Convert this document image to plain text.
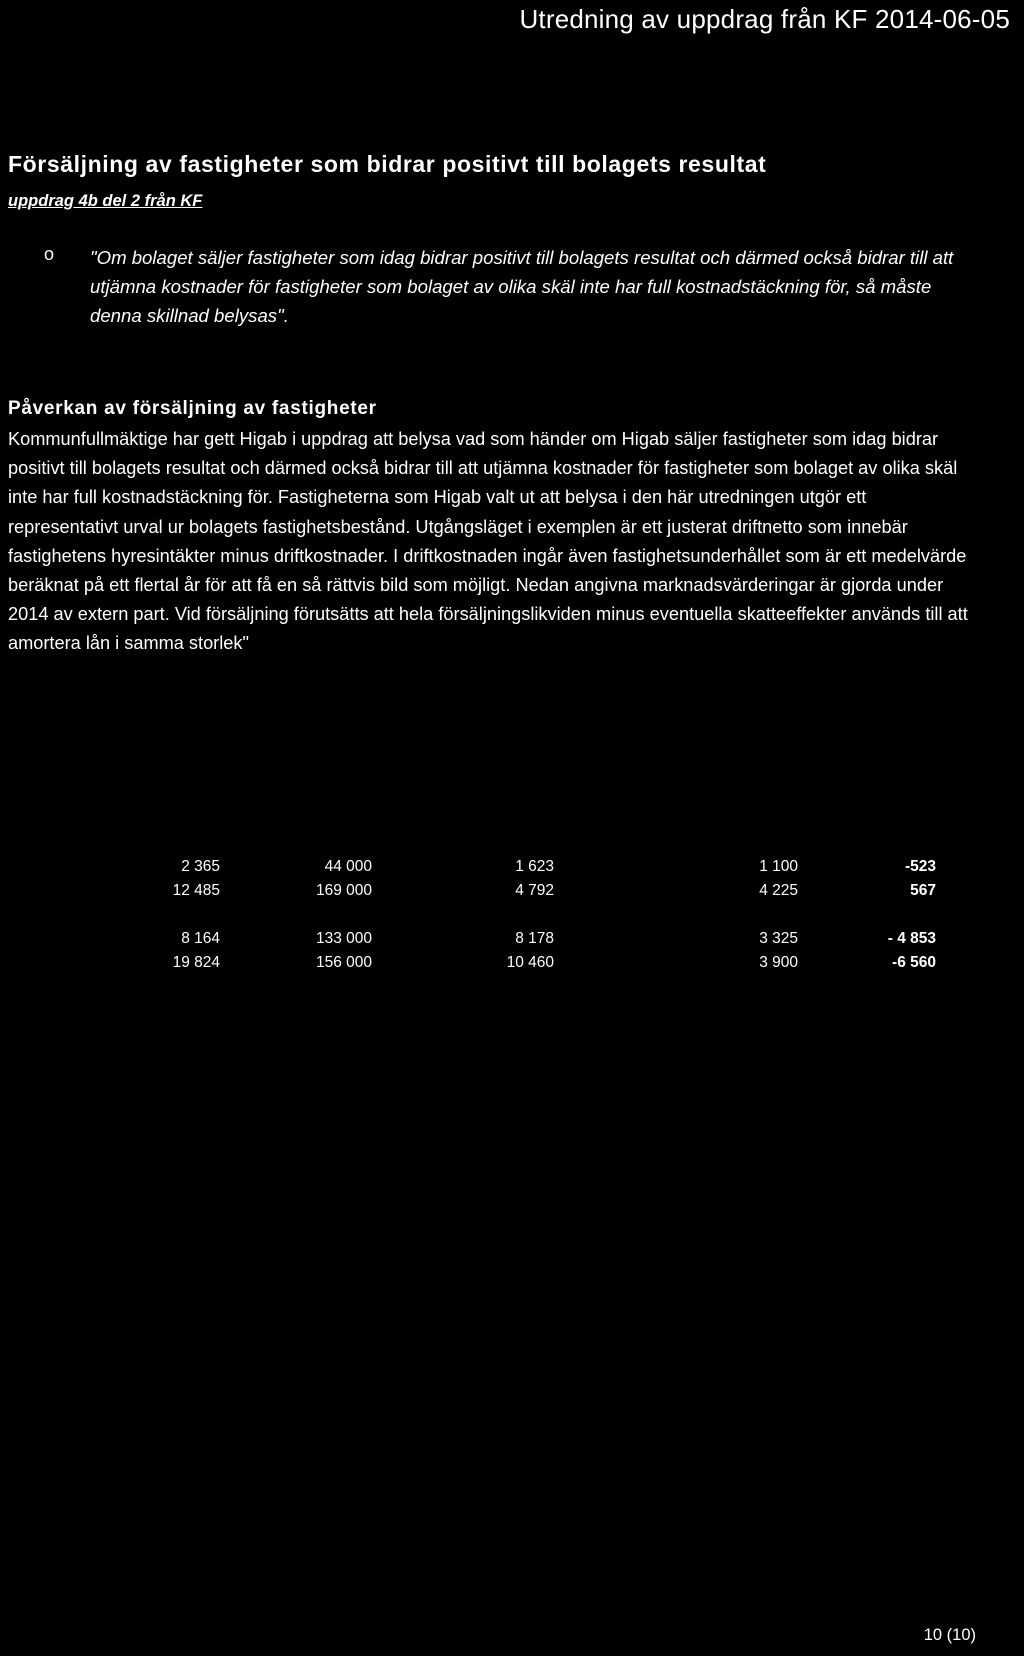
Utredning av uppdrag från KF 2014-06-05
Försäljning av fastigheter som bidrar positivt till bolagets resultat
uppdrag 4b del 2 från KF
o "Om bolaget säljer fastigheter som idag bidrar positivt till bolagets resultat och därmed också bidrar till att utjämna kostnader för fastigheter som bolaget av olika skäl inte har full kostnadstäckning för, så måste denna skillnad belysas".

Påverkan av försäljning av fastigheter

Kommunfullmäktige har gett Higab i uppdrag att belysa vad som händer om Higab säljer fastigheter som idag bidrar positivt till bolagets resultat och därmed också bidrar till att utjämna kostnader för fastigheter som bolaget av olika skäl inte har full kostnadstäckning för. Fastigheterna som Higab valt ut att belysa i den här utredningen utgör ett representativt urval ur bolagets fastighetsbestånd. Utgångsläget i exemplen är ett justerat driftnetto som innebär fastighetens hyresintäkter minus driftkostnader. I driftkostnaden ingår även fastighetsunderhållet som är ett medelvärde beräknat på ett flertal år för att få en så rättvis bild som möjligt. Nedan angivna marknadsvärderingar är gjorda under 2014 av extern part. Vid försäljning förutsätts att hela försäljningslikviden minus eventuella skatteeffekter används till att amortera lån i samma storlek"

2 365	44 000	1 623	1 100	-523
12 485	169 000	4 792	4 225	567
8 164	133 000	8 178	3 325	- 4 853
19 824	156 000	10 460	3 900	-6 560
10 (10)
